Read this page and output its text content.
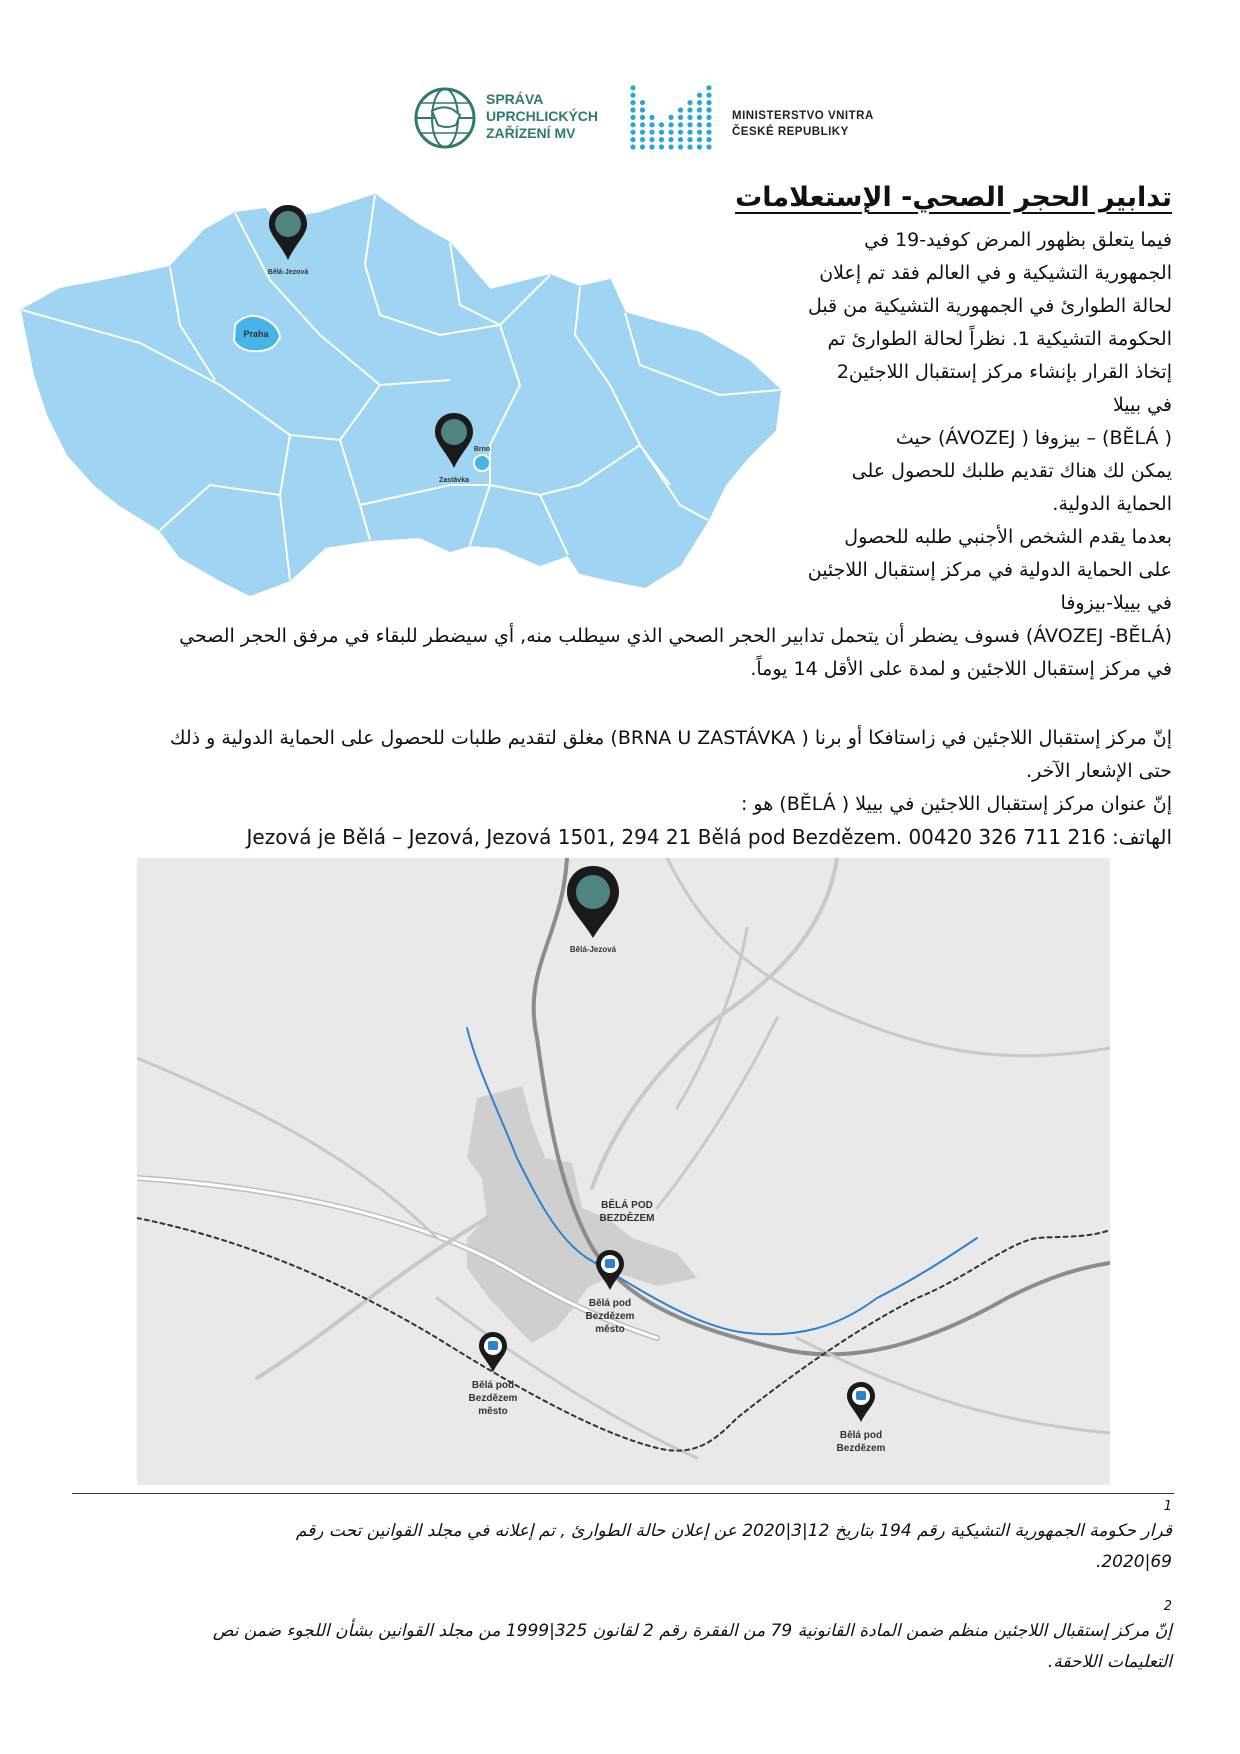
SPRÁVA
UPRCHLICKÝCH
ZAŘÍZENÍ MV
MINISTERSTVO VNITRA
ČESKÉ REPUBLIKY
Praha
Brno
Bělá-Jezová
Zastávka
تدابير الحجر الصحي- الإستعلامات

فيما يتعلق بظهور المرض كوفيد-19 في

الجمهورية التشيكية و في العالم فقد تم إعلان

لحالة الطوارئ في الجمهورية التشيكية من قبل

الحكومة التشيكية 1. نظراً لحالة الطوارئ تم

إتخاذ القرار بإنشاء مركز إستقبال اللاجئين2

في بييلا

( BĚLÁ) – بيزوفا ( ÁVOZEJ) حيث

يمكن لك هناك تقديم طلبك للحصول على

الحماية الدولية.

بعدما يقدم الشخص الأجنبي طلبه للحصول

على الحماية الدولية في مركز إستقبال اللاجئين

في بييلا-بيزوفا

(ÁVOZEJ -BĚLÁ) فسوف يضطر أن يتحمل تدابير الحجر الصحي الذي سيطلب منه, أي سيضطر للبقاء في مرفق الحجر الصحي

في مركز إستقبال اللاجئين و لمدة على الأقل 14 يوماً.

إنّ مركز إستقبال اللاجئين في زاستافكا أو برنا ( BRNA U ZASTÁVKA) مغلق لتقديم طلبات للحصول على الحماية الدولية و ذلك

حتى الإشعار الآخر.

إنّ عنوان مركز إستقبال اللاجئين في بييلا ( BĚLÁ) هو :

الهاتف: Jezová je Bělá – Jezová, Jezová 1501, 294 21 Bělá pod Bezdězem. 00420 326 711 216

BĚLÁ POD
BEZDĚZEM
Bělá-Jezová
Bělá pod
Bezdězem
město
Bělá pod
Bezdězem
město
Bělá pod
Bezdězem
1

قرار حكومة الجمهورية التشيكية رقم 194 بتاريخ 12|3|2020 عن إعلان حالة الطوارئ , تم إعلانه في مجلد القوانين تحت رقم

69|2020.

2

إنّ مركز إستقبال اللاجئين منظم ضمن المادة القانونية 79 من الفقرة رقم 2 لقانون 325|1999 من مجلد القوانين بشأن اللجوء ضمن نص

التعليمات اللاحقة.
